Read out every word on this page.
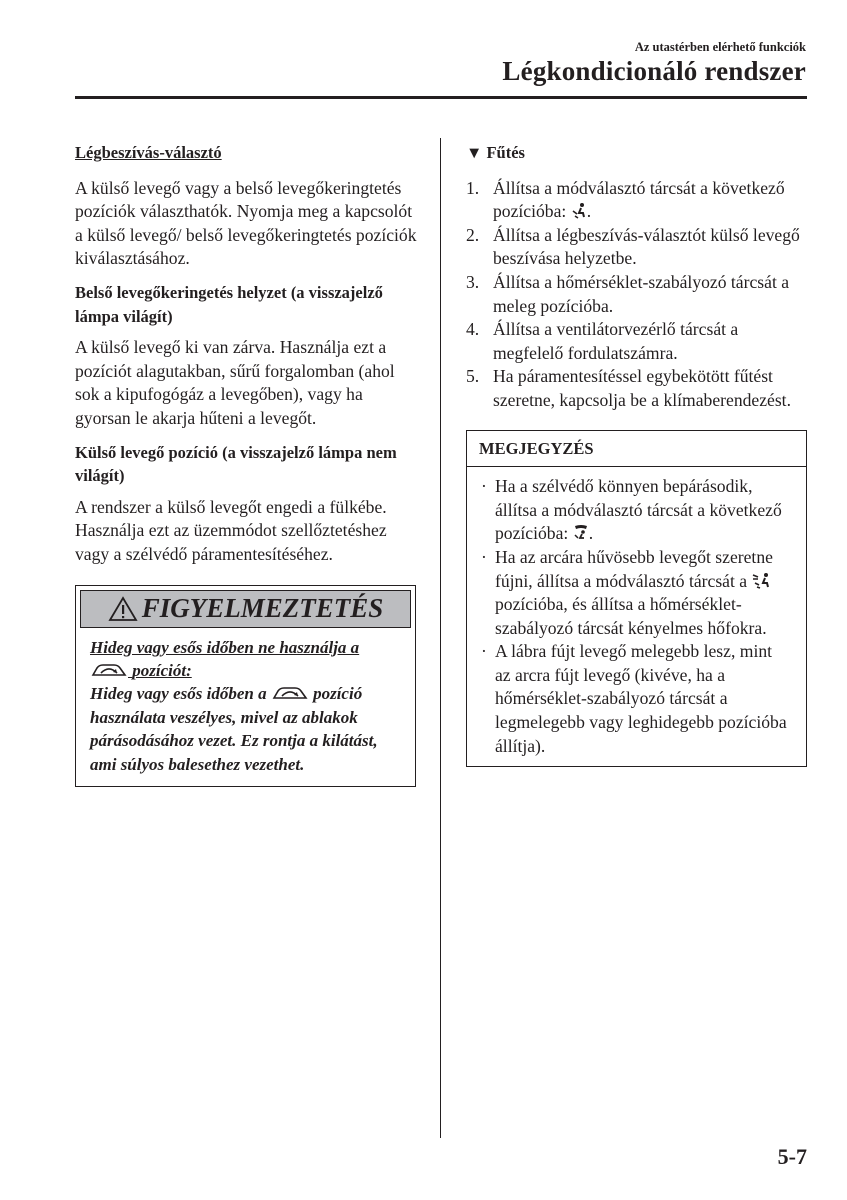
Az utastérben elérhető funkciók
Légkondicionáló rendszer
Légbeszívás-választó

A külső levegő vagy a belső levegőkeringtetés pozíciók választhatók. Nyomja meg a kapcsolót a külső levegő/ belső levegőkeringtetés pozíciók kiválasztásához.

Belső levegőkeringetés helyzet (a visszajelző lámpa világít)

A külső levegő ki van zárva. Használja ezt a pozíciót alagutakban, sűrű forgalomban (ahol sok a kipufogógáz a levegőben), vagy ha gyorsan le akarja hűteni a levegőt.

Külső levegő pozíció (a visszajelző lámpa nem világít)

A rendszer a külső levegőt engedi a fülkébe. Használja ezt az üzemmódot szellőztetéshez vagy a szélvédő páramentesítéséhez.

FIGYELMEZTETÉS
Hideg vagy esős időben ne használja a  pozíciót:
Hideg vagy esős időben a	pozíció használata veszélyes, mivel az ablakok párásodásához vezet. Ez rontja a kilátást, ami súlyos balesethez vezethet.
▼ Fűtés
1. Állítsa a módválasztó tárcsát a következő pozícióba: .
2. Állítsa a légbeszívás-választót külső levegő beszívása helyzetbe.
3. Állítsa a hőmérséklet-szabályozó tárcsát a meleg pozícióba.
4. Állítsa a ventilátorvezérlő tárcsát a megfelelő fordulatszámra.
5. Ha páramentesítéssel egybekötött fűtést szeretne, kapcsolja be a klímaberendezést.
MEGJEGYZÉS
· Ha a szélvédő könnyen bepárásodik, állítsa a módválasztó tárcsát a következő pozícióba: .
· Ha az arcára hűvösebb levegőt szeretne fújni, állítsa a módválasztó tárcsát a  pozícióba, és állítsa a hőmérséklet-szabályozó tárcsát kényelmes hőfokra.
· A lábra fújt levegő melegebb lesz, mint az arcra fújt levegő (kivéve, ha a hőmérséklet-szabályozó tárcsát a legmelegebb vagy leghidegebb pozícióba állítja).
5-7
